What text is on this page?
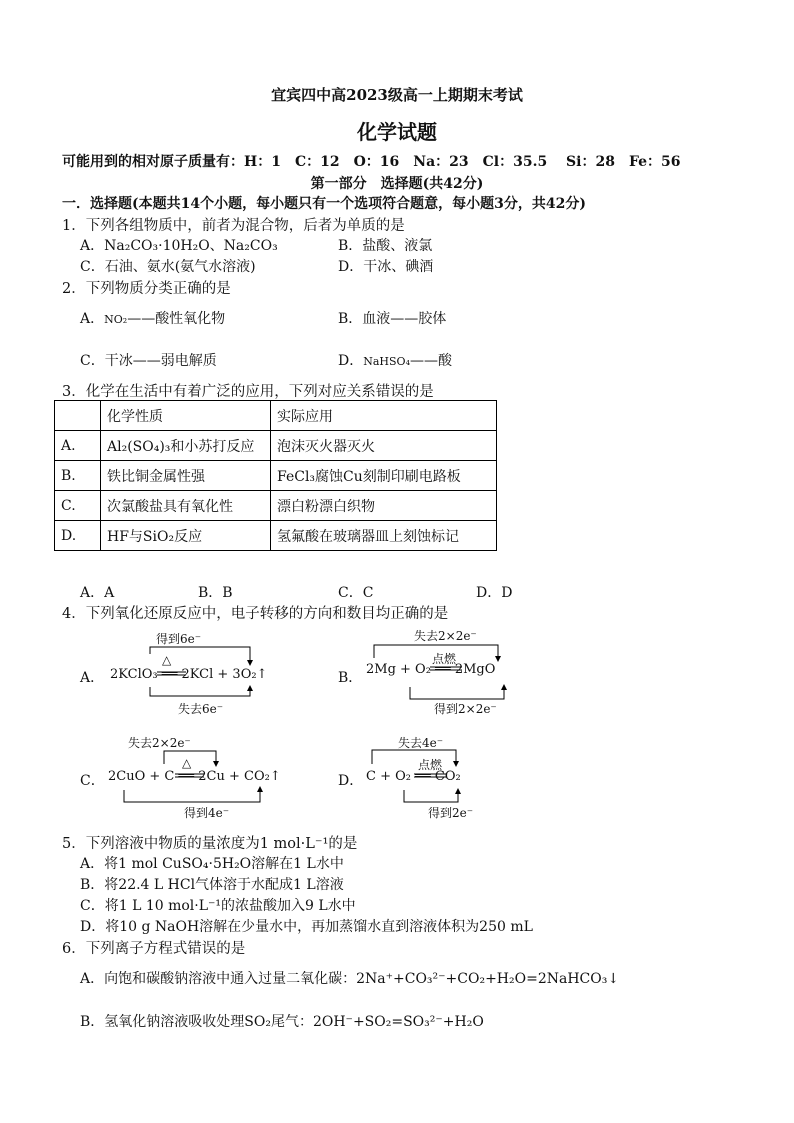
宜宾四中高2023级高一上期期末考试
化学试题
可能用到的相对原子质量有：H：1　C：12　O：16　Na：23　Cl：35.5　 Si：28　Fe：56
第一部分　选择题(共42分)
一．选择题(本题共14个小题，每小题只有一个选项符合题意，每小题3分，共42分)
1．下列各组物质中，前者为混合物，后者为单质的是
A．Na₂CO₃·10H₂O、Na₂CO₃	B．盐酸、液氯
C．石油、氨水(氨气水溶液)	D．干冰、碘酒
2．下列物质分类正确的是
A．NO₂——酸性氧化物	B．血液——胶体
C．干冰——弱电解质	D．NaHSO₄——酸
3．化学在生活中有着广泛的应用，下列对应关系错误的是
	化学性质	实际应用
A.	Al₂(SO₄)₃和小苏打反应	泡沫灭火器灭火
B.	铁比铜金属性强	FeCl₃腐蚀Cu刻制印刷电路板
C.	次氯酸盐具有氧化性	漂白粉漂白织物
D.	HF与SiO₂反应	氢氟酸在玻璃器皿上刻蚀标记
A．A	B．B	C．C	D．D
4．下列氧化还原反应中，电子转移的方向和数目均正确的是
A．
得到6e⁻
△
2KClO₃ ══ 2KCl + 3O₂↑
失去6e⁻
B．
失去2×2e⁻
点燃
2Mg + O₂ ══ 2MgO
得到2×2e⁻
C．
失去2×2e⁻
△
2CuO + C ══ 2Cu + CO₂↑
得到4e⁻
D．
失去4e⁻
点燃
C + O₂ ══ CO₂
得到2e⁻
5．下列溶液中物质的量浓度为1 mol·L⁻¹的是
A．将1 mol CuSO₄·5H₂O溶解在1 L水中
B．将22.4 L HCl气体溶于水配成1 L溶液
C．将1 L 10 mol·L⁻¹的浓盐酸加入9 L水中
D．将10 g NaOH溶解在少量水中，再加蒸馏水直到溶液体积为250 mL
6．下列离子方程式错误的是
A．向饱和碳酸钠溶液中通入过量二氧化碳：2Na⁺+CO₃²⁻+CO₂+H₂O=2NaHCO₃↓
B．氢氧化钠溶液吸收处理SO₂尾气：2OH⁻+SO₂=SO₃²⁻+H₂O
